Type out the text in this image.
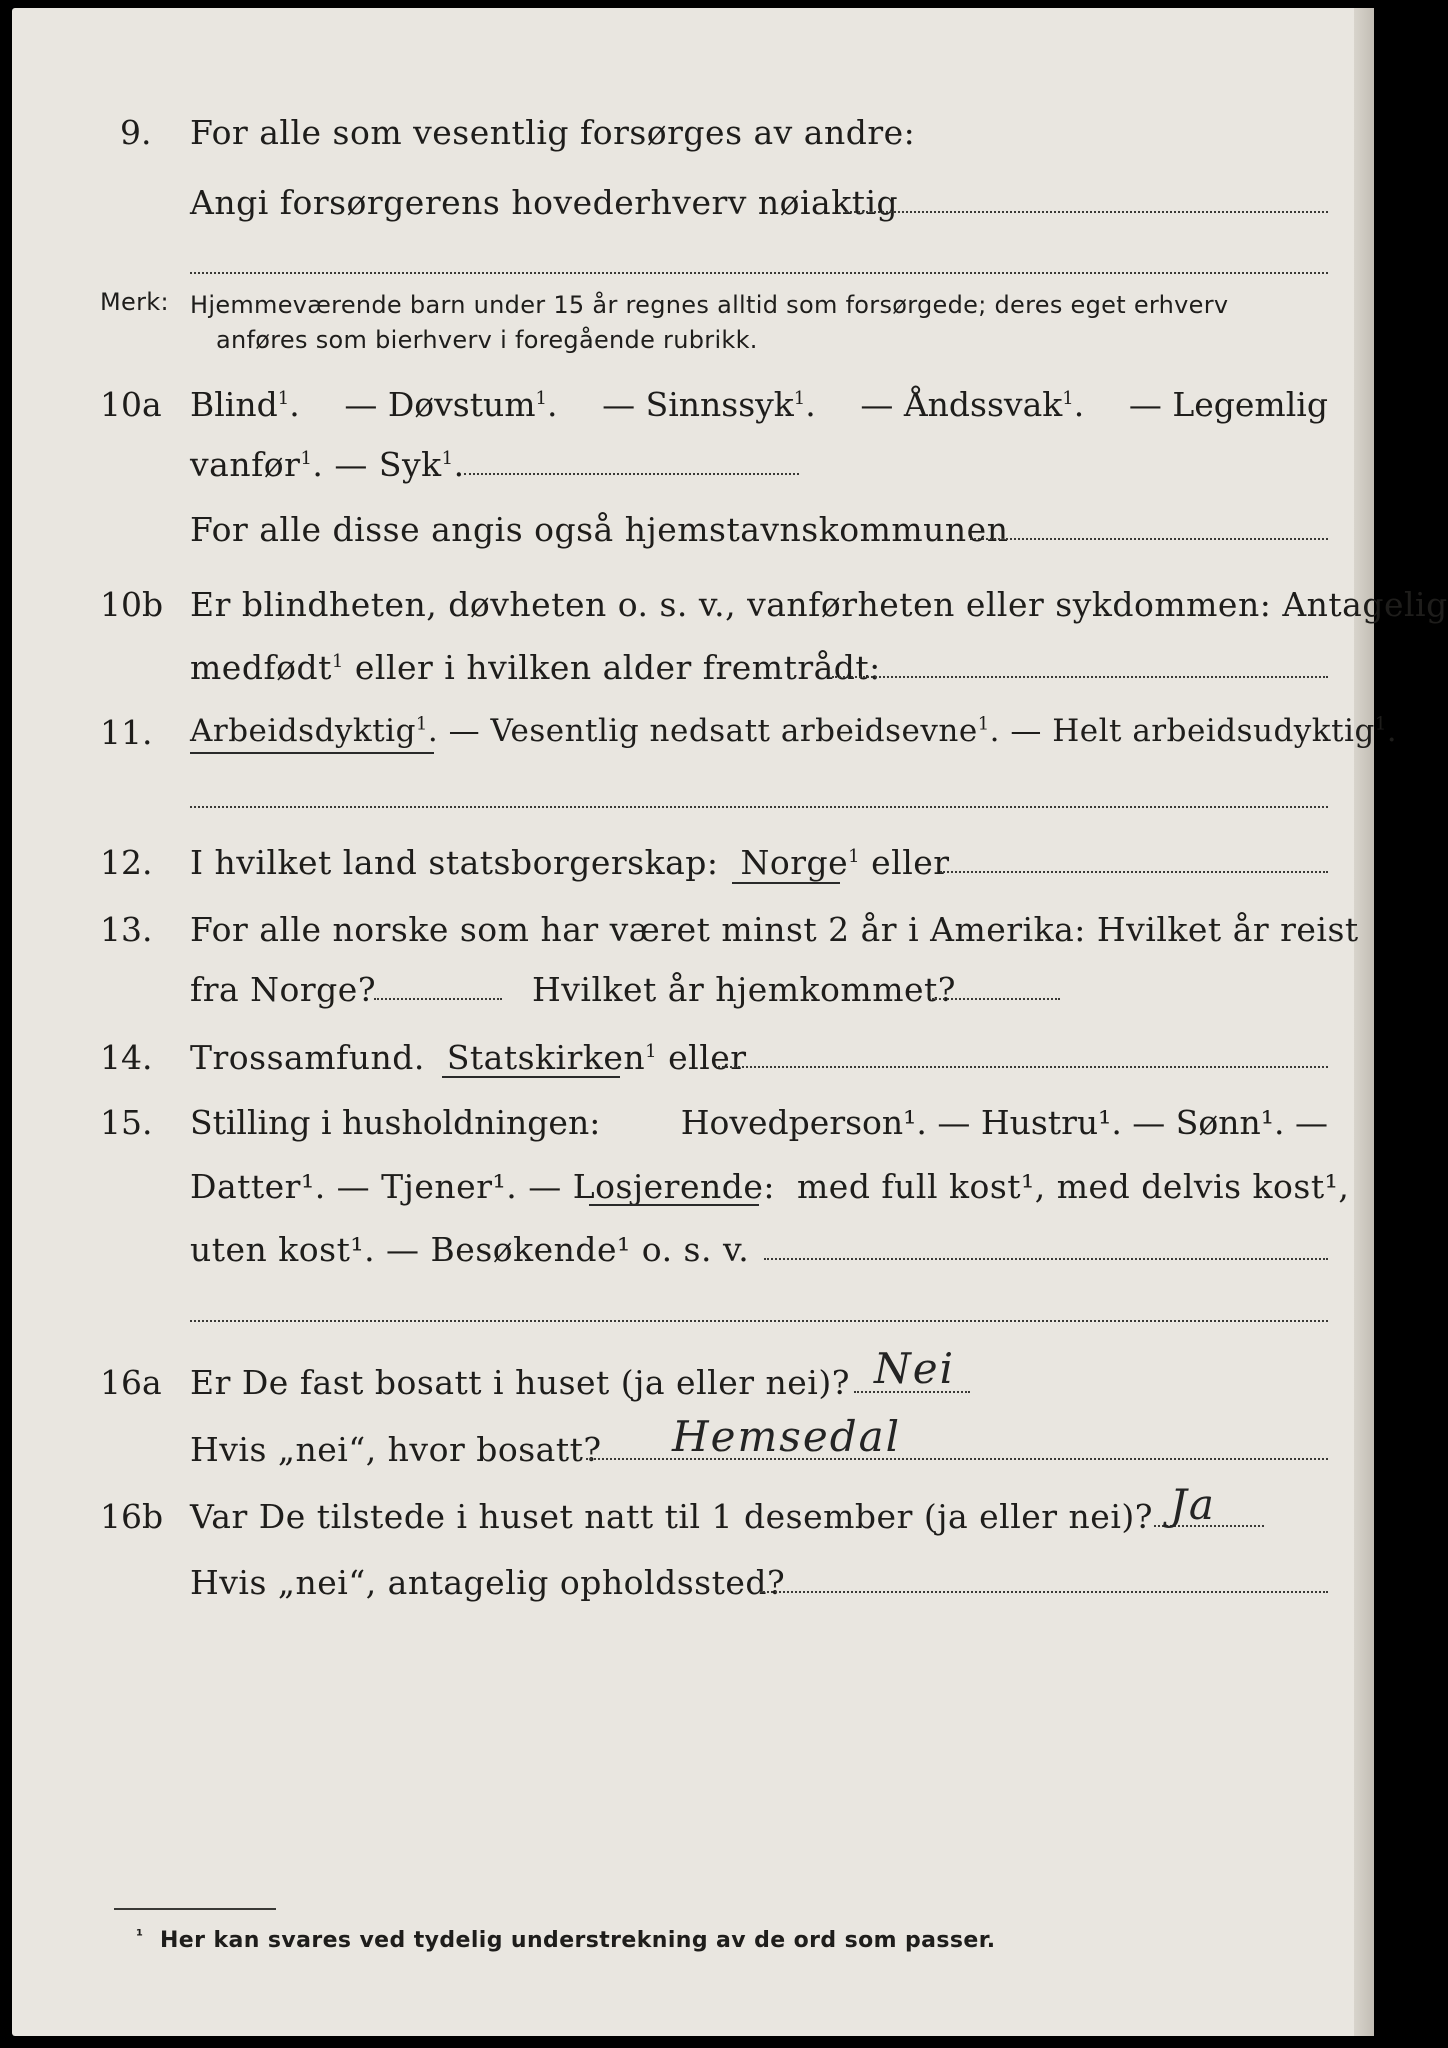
9. For alle som vesentlig forsørges av andre:
Angi forsørgerens hovederhverv nøiaktig
Merk: Hjemmeværende barn under 15 år regnes alltid som forsørgede; deres eget erhverv
anføres som bierhverv i foregående rubrikk.
10a Blind$^1$. — Døvstum$^1$. — Sinnssyk$^1$. — Åndssvak$^1$. — Legemlig
vanfør$^1$. — Syk$^1$.
For alle disse angis også hjemstavnskommunen
10b Er blindheten, døvheten o. s. v., vanførheten eller sykdommen: Antagelig
medfødt$^1$ eller i hvilken alder fremtrådt:
11. Arbeidsdyktig$^1$. — Vesentlig nedsatt arbeidsevne$^1$. — Helt arbeidsudyktig$^1$.
12. I hvilket land statsborgerskap: Norge$^1$ eller
13. For alle norske som har været minst 2 år i Amerika: Hvilket år reist
fra Norge?	Hvilket år hjemkommet?
14. Trossamfund. Statskirken$^1$ eller
15. Stilling i husholdningen: Hovedperson¹. — Hustru¹. — Sønn¹. —
Datter¹. — Tjener¹. — Losjerende: med full kost¹, med delvis kost¹,
uten kost¹. — Besøkende¹ o. s. v.
16a Er De fast bosatt i huset (ja eller nei)? Nei
Hvis „nei“, hvor bosatt? Hemsedal
16b Var De tilstede i huset natt til 1 desember (ja eller nei)? Ja
Hvis „nei“, antagelig opholdssted?
¹ Her kan svares ved tydelig understrekning av de ord som passer.
